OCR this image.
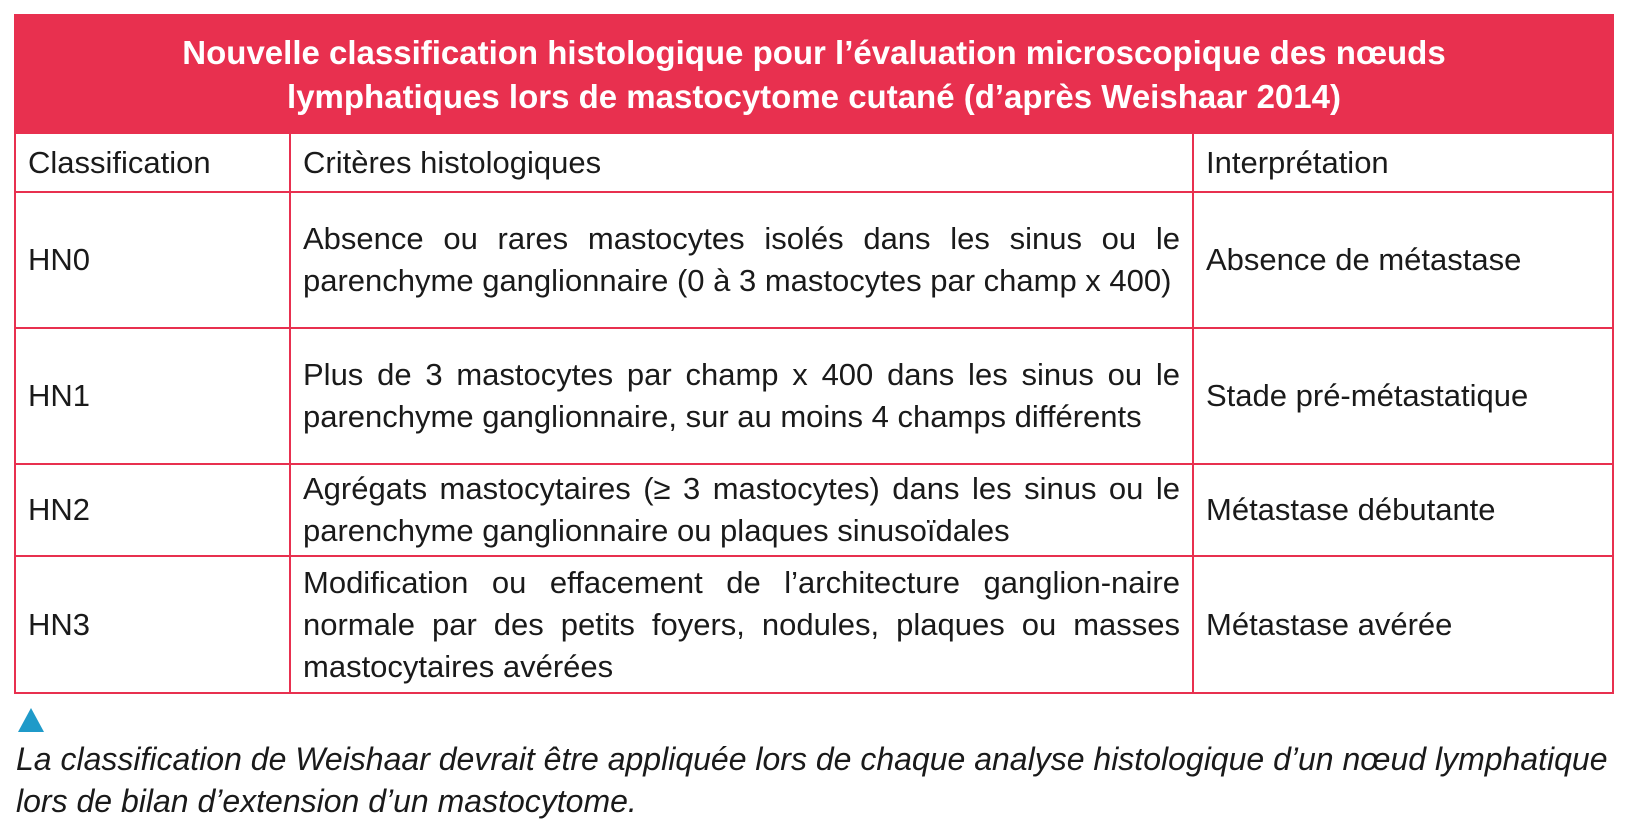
Nouvelle classification histologique pour l’évaluation microscopique des nœuds
lymphatiques lors de mastocytome cutané (d’après Weishaar 2014)
Classification	Critères histologiques	Interprétation
HN0	Absence ou rares mastocytes isolés dans les sinus ou le parenchyme ganglionnaire (0 à 3 mastocytes par champ x 400)	Absence de métastase
HN1	Plus de 3 mastocytes par champ x 400 dans les sinus ou le parenchyme ganglionnaire, sur au moins 4 champs différents	Stade pré-métastatique
HN2	Agrégats mastocytaires (≥ 3 mastocytes) dans les sinus ou le parenchyme ganglionnaire ou plaques sinusoïdales	Métastase débutante
HN3	Modification ou effacement de l’architecture ganglion-naire normale par des petits foyers, nodules, plaques ou masses mastocytaires avérées	Métastase avérée
La classification de Weishaar devrait être appliquée lors de chaque analyse histologique d’un nœud lymphatique lors de bilan d’extension d’un mastocytome.
